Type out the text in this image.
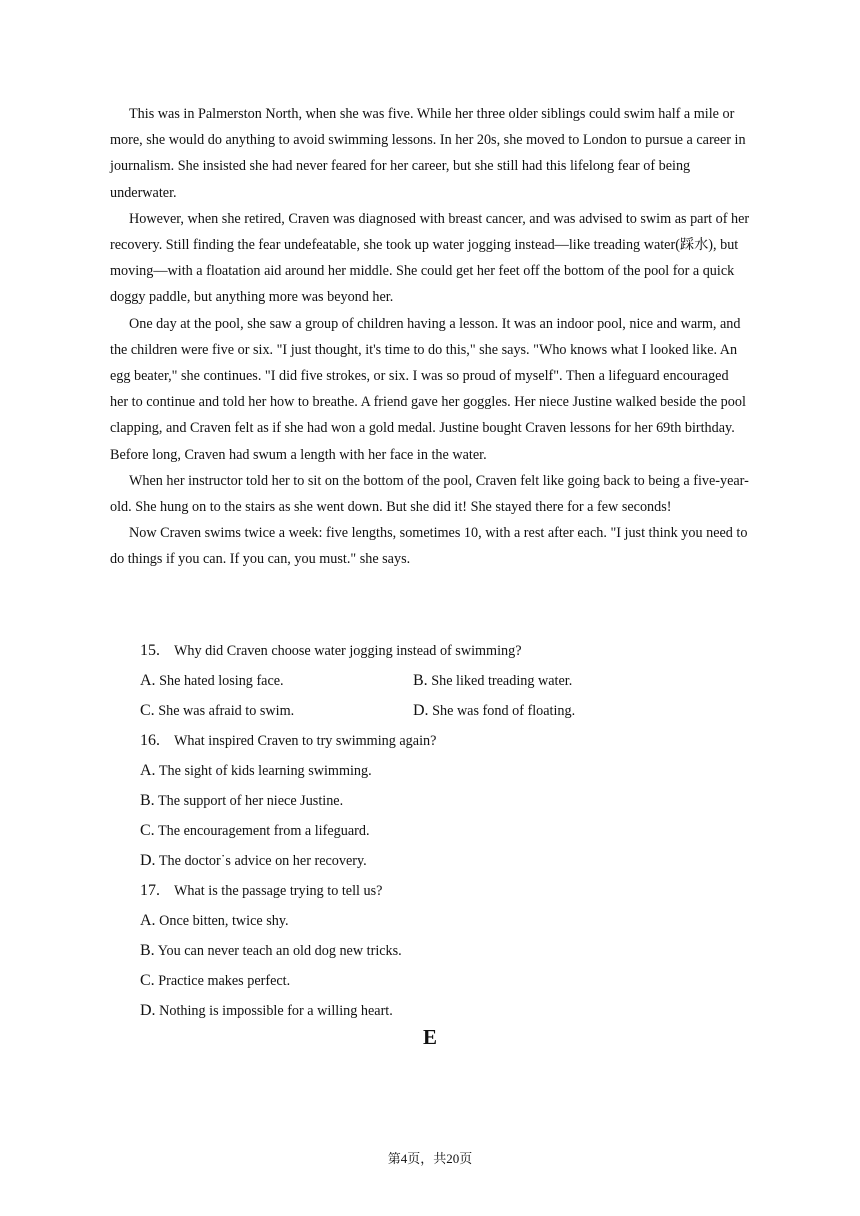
This was in Palmerston North, when she was five. While her three older siblings could swim half a mile or more, she would do anything to avoid swimming lessons. In her 20s, she moved to London to pursue a career in journalism. She insisted she had never feared for her career, but she still had this lifelong fear of being underwater.

However, when she retired, Craven was diagnosed with breast cancer, and was advised to swim as part of her recovery. Still finding the fear undefeatable, she took up water jogging instead—like treading water(踩水), but moving—with a floatation aid around her middle. She could get her feet off the bottom of the pool for a quick doggy paddle, but anything more was beyond her.

One day at the pool, she saw a group of children having a lesson. It was an indoor pool, nice and warm, and the children were five or six. "I just thought, it's time to do this," she says. "Who knows what I looked like. An egg beater," she continues. "I did five strokes, or six. I was so proud of myself". Then a lifeguard encouraged her to continue and told her how to breathe. A friend gave her goggles. Her niece Justine walked beside the pool clapping, and Craven felt as if she had won a gold medal. Justine bought Craven lessons for her 69th birthday. Before long, Craven had swum a length with her face in the water.

When her instructor told her to sit on the bottom of the pool, Craven felt like going back to being a five-year-old. She hung on to the stairs as she went down. But she did it! She stayed there for a few seconds!

Now Craven swims twice a week: five lengths, sometimes 10, with a rest after each. "I just think you need to do things if you can. If you can, you must." she says.

15. Why did Craven choose water jogging instead of swimming?
A. She hated losing face.	B. She liked treading water.
C. She was afraid to swim.	D. She was fond of floating.
16. What inspired Craven to try swimming again?
A. The sight of kids learning swimming.
B. The support of her niece Justine.
C. The encouragement from a lifeguard.
D. The doctor˙s advice on her recovery.
17. What is the passage trying to tell us?
A. Once bitten, twice shy.
B. You can never teach an old dog new tricks.
C. Practice makes perfect.
D. Nothing is impossible for a willing heart.
E
第4页，共20页
